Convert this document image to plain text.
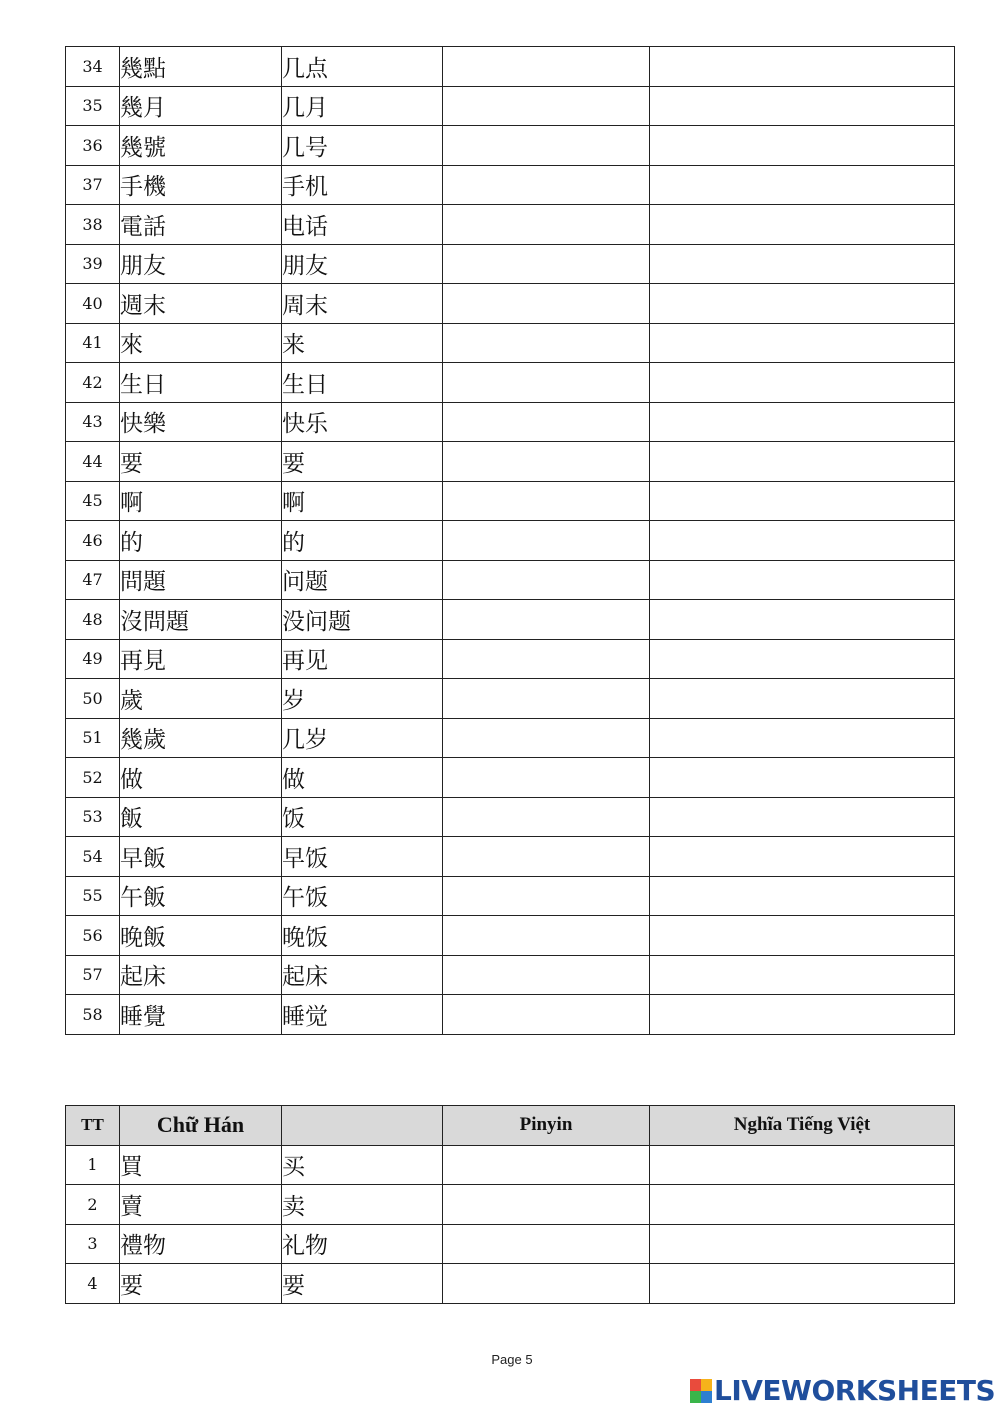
34	幾點	几点		
35	幾月	几月		
36	幾號	几号		
37	手機	手机		
38	電話	电话		
39	朋友	朋友		
40	週末	周末		
41	來	来		
42	生日	生日		
43	快樂	快乐		
44	要	要		
45	啊	啊		
46	的	的		
47	問題	问题		
48	沒問題	没问题		
49	再見	再见		
50	歲	岁		
51	幾歲	几岁		
52	做	做		
53	飯	饭		
54	早飯	早饭		
55	午飯	午饭		
56	晚飯	晚饭		
57	起床	起床		
58	睡覺	睡觉		
TT	Chữ Hán		Pinyin	Nghĩa Tiếng Việt
1	買	买		
2	賣	卖		
3	禮物	礼物		
4	要	要		
Page 5
LIVEWORKSHEETS
